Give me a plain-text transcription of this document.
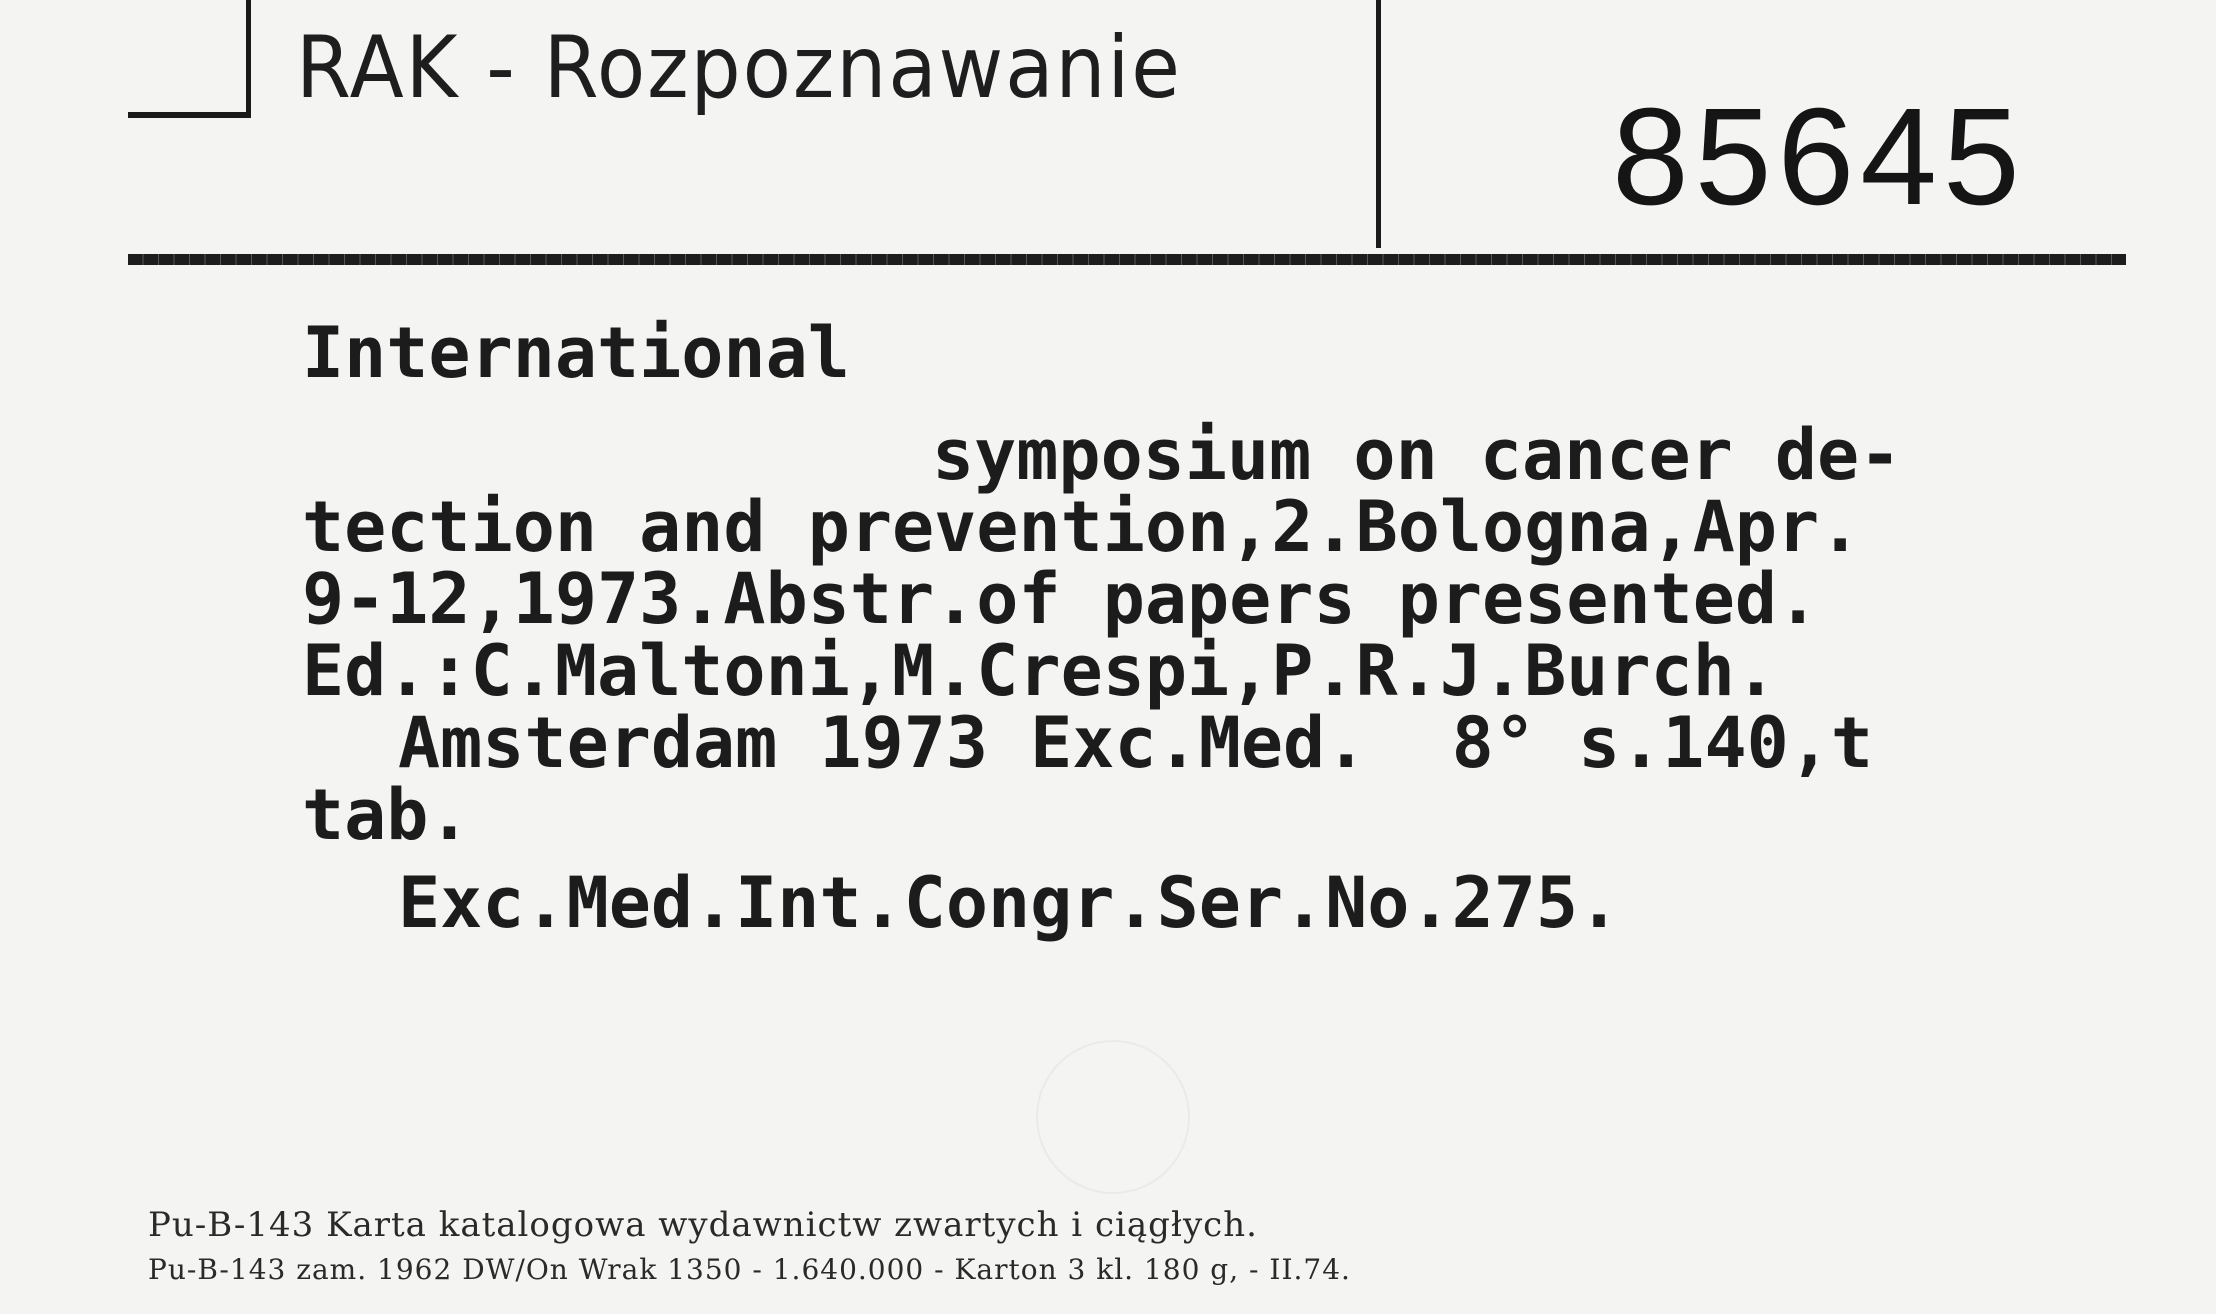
RAK - Rozpoznawanie
85645
International
symposium on cancer de-
tection and prevention,2.Bologna,Apr.
9-12,1973.Abstr.of papers presented.
Ed.:C.Maltoni,M.Crespi,P.R.J.Burch.
Amsterdam 1973 Exc.Med.  8° s.140,t
tab.
Exc.Med.Int.Congr.Ser.No.275.
Pu-B-143 Karta katalogowa wydawnictw zwartych i ciągłych.
Pu-B-143 zam. 1962 DW/On Wrak 1350 - 1.640.000 - Karton 3 kl. 180 g, - II.74.
